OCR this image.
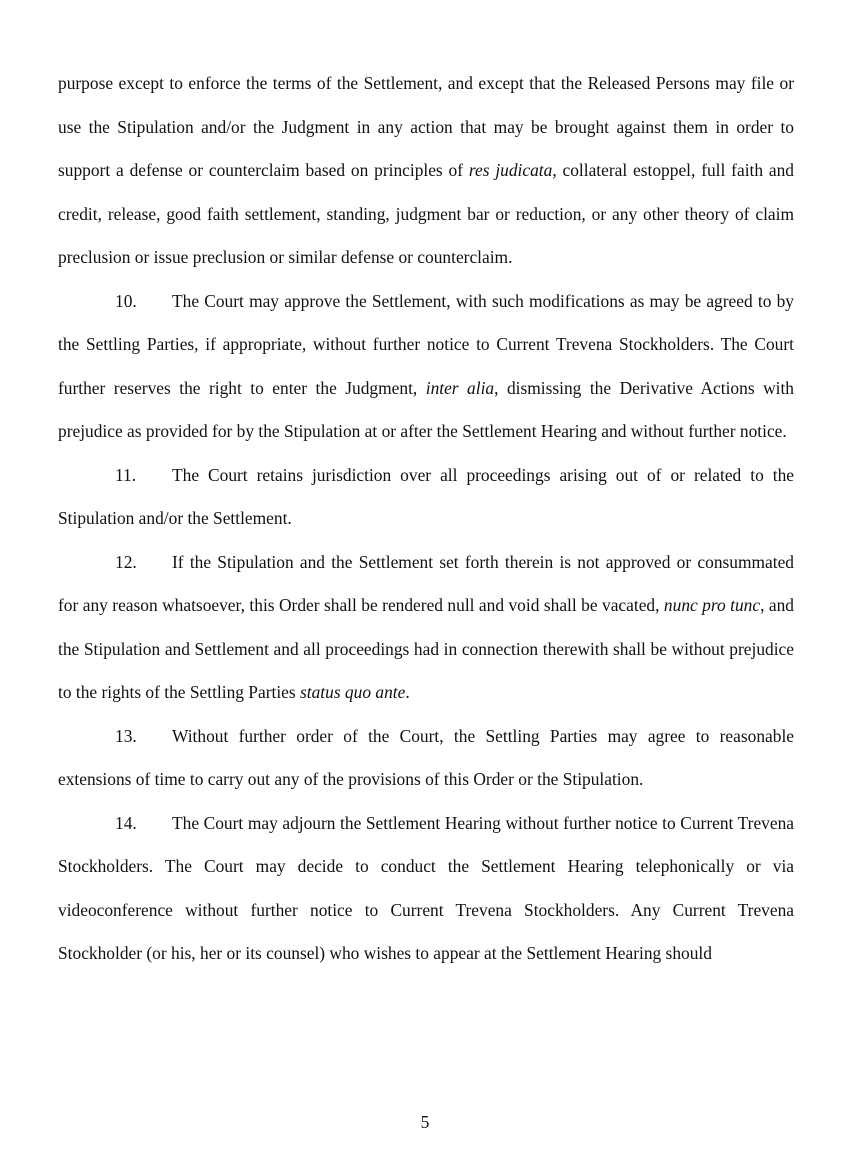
purpose except to enforce the terms of the Settlement, and except that the Released Persons may file or use the Stipulation and/or the Judgment in any action that may be brought against them in order to support a defense or counterclaim based on principles of res judicata, collateral estoppel, full faith and credit, release, good faith settlement, standing, judgment bar or reduction, or any other theory of claim preclusion or issue preclusion or similar defense or counterclaim.

10. The Court may approve the Settlement, with such modifications as may be agreed to by the Settling Parties, if appropriate, without further notice to Current Trevena Stockholders. The Court further reserves the right to enter the Judgment, inter alia, dismissing the Derivative Actions with prejudice as provided for by the Stipulation at or after the Settlement Hearing and without further notice.

11. The Court retains jurisdiction over all proceedings arising out of or related to the Stipulation and/or the Settlement.

12. If the Stipulation and the Settlement set forth therein is not approved or consummated for any reason whatsoever, this Order shall be rendered null and void shall be vacated, nunc pro tunc, and the Stipulation and Settlement and all proceedings had in connection therewith shall be without prejudice to the rights of the Settling Parties status quo ante.

13. Without further order of the Court, the Settling Parties may agree to reasonable extensions of time to carry out any of the provisions of this Order or the Stipulation.

14. The Court may adjourn the Settlement Hearing without further notice to Current Trevena Stockholders. The Court may decide to conduct the Settlement Hearing telephonically or via videoconference without further notice to Current Trevena Stockholders. Any Current Trevena Stockholder (or his, her or its counsel) who wishes to appear at the Settlement Hearing should

5
